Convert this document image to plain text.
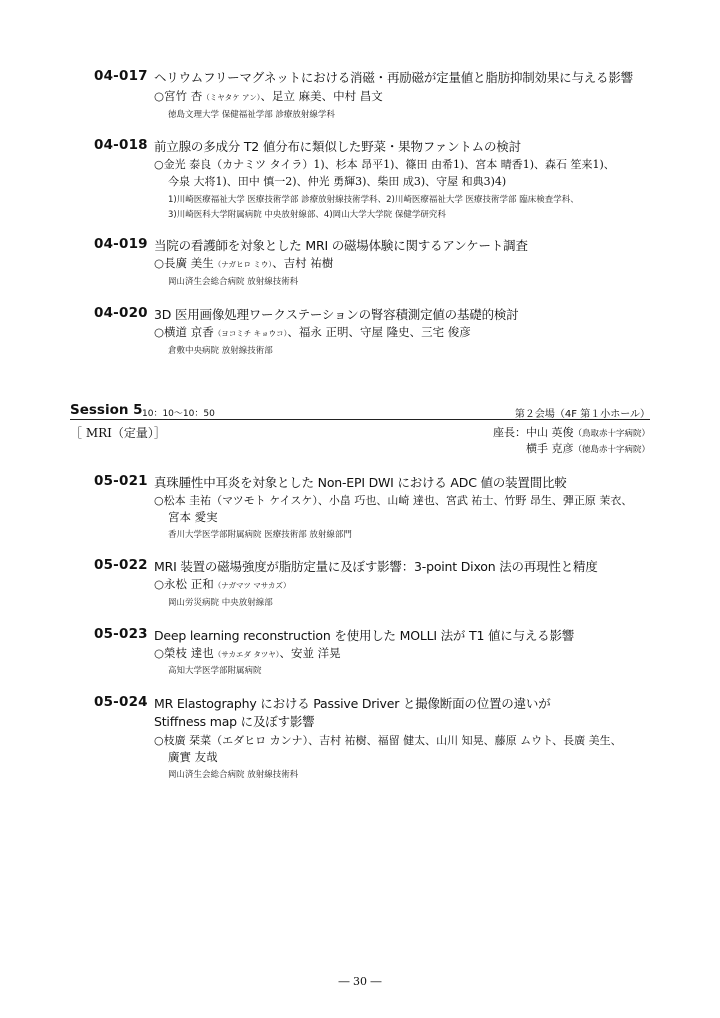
04-017 ヘリウムフリーマグネットにおける消磁・再励磁が定量値と脂肪抑制効果に与える影響
○宮竹 杏（ミヤタケ アン）、足立 麻美、中村 昌文
徳島文理大学 保健福祉学部 診療放射線学科
04-018 前立腺の多成分 T2 値分布に類似した野菜・果物ファントムの検討
○金光 泰良（カナミツ タイラ）1)、杉本 昂平1)、篠田 由希1)、宮本 晴香1)、森石 笙来1)、
今泉 大将1)、田中 慎一2)、仲光 勇輝3)、柴田 成3)、守屋 和典3)4)
1)川崎医療福祉大学 医療技術学部 診療放射線技術学科、2)川崎医療福祉大学 医療技術学部 臨床検査学科、
3)川崎医科大学附属病院 中央放射線部、4)岡山大学大学院 保健学研究科
04-019 当院の看護師を対象とした MRI の磁場体験に関するアンケート調査
○長廣 美生（ナガヒロ ミウ）、吉村 祐樹
岡山済生会総合病院 放射線技術科
04-020 3D 医用画像処理ワークステーションの腎容積測定値の基礎的検討
○横道 京香（ヨコミチ キョウコ）、福永 正明、守屋 隆史、三宅 俊彦
倉敷中央病院 放射線技術部
Session 5 10：10～10：50	第２会場（4F 第１小ホール）
［ MRI（定量）］	座長：中山 英俊（鳥取赤十字病院）
横手 克彦（徳島赤十字病院）
05-021 真珠腫性中耳炎を対象とした Non-EPI DWI における ADC 値の装置間比較
○松本 圭祐（マツモト ケイスケ）、小畠 巧也、山崎 達也、宮武 祐士、竹野 昂生、彈正原 茉衣、
宮本 愛実
香川大学医学部附属病院 医療技術部 放射線部門
05-022 MRI 装置の磁場強度が脂肪定量に及ぼす影響：3-point Dixon 法の再現性と精度
○永松 正和（ナガマツ マサカズ）
岡山労災病院 中央放射線部
05-023 Deep learning reconstruction を使用した MOLLI 法が T1 値に与える影響
○榮枝 達也（サカエダ タツヤ）、安並 洋晃
高知大学医学部附属病院
05-024 MR Elastography における Passive Driver と撮像断面の位置の違いが
Stiffness map に及ぼす影響
○枝廣 栞菜（エダヒロ カンナ）、吉村 祐樹、福留 健太、山川 知晃、藤原 ムウト、長廣 美生、
廣實 友哉
岡山済生会総合病院 放射線技術科
― 30 ―
